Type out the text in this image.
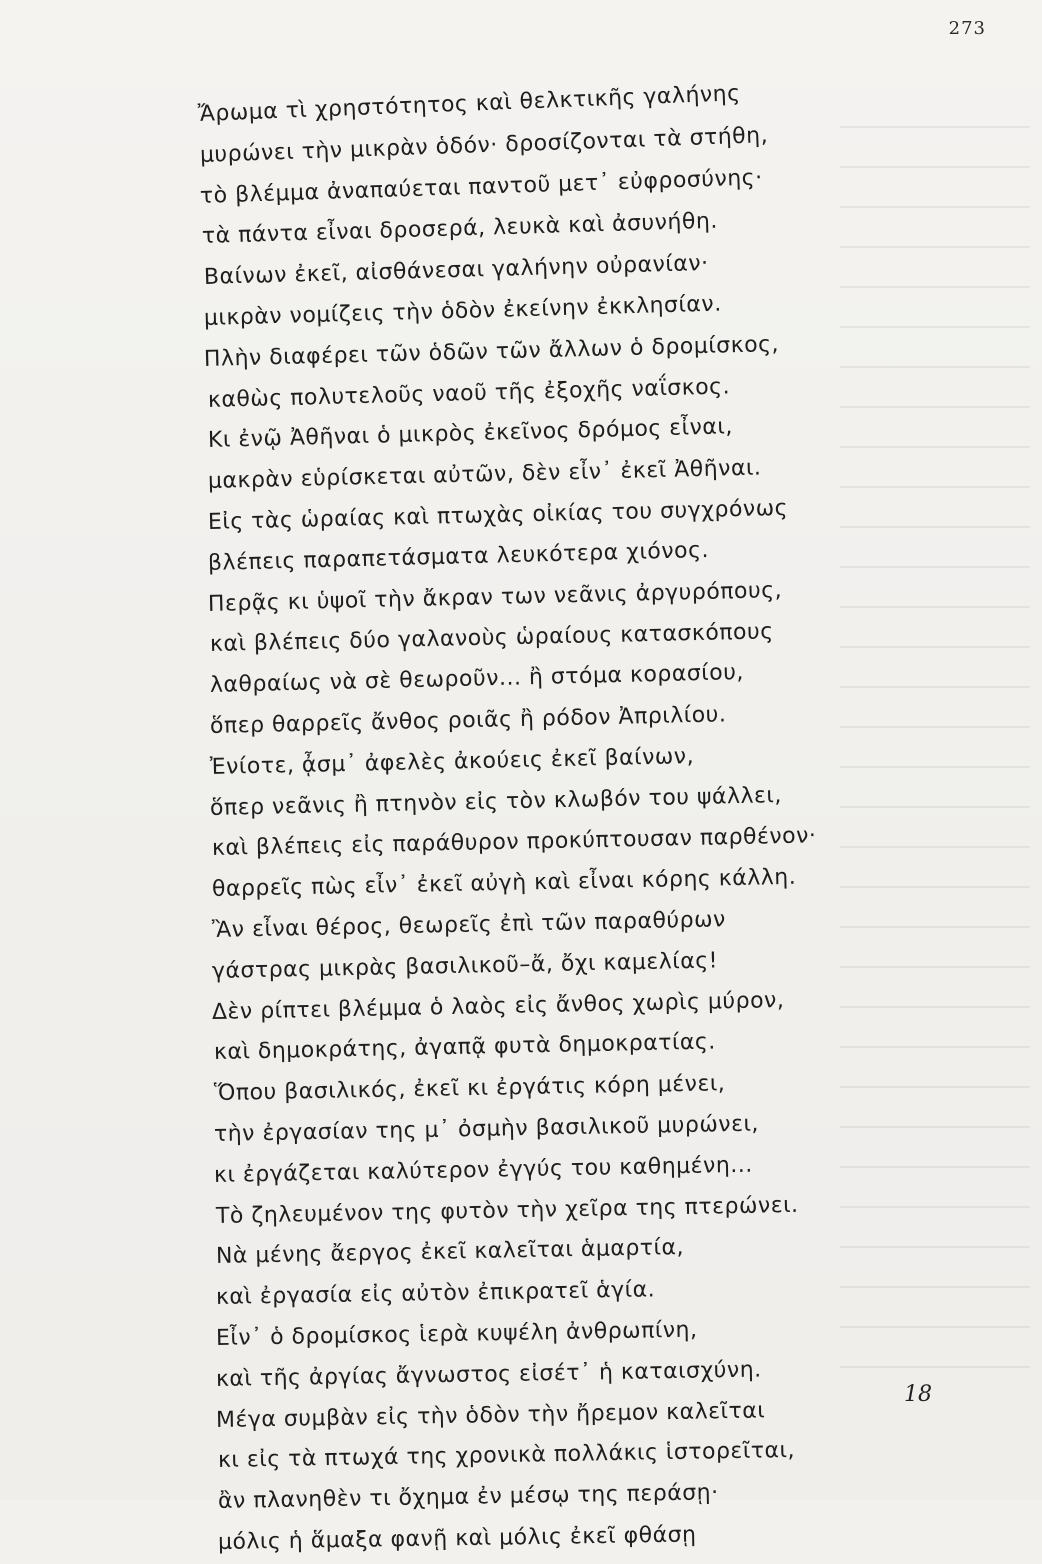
273
Ἄρωμα τὶ χρηστότητος καὶ θελκτικῆς γαλήνης
μυρώνει τὴν μικρὰν ὁδόν· δροσίζονται τὰ στήθη,
τὸ βλέμμα ἀναπαύεται παντοῦ μετ᾽ εὐφροσύνης·
τὰ πάντα εἶναι δροσερά, λευκὰ καὶ ἀσυνήθη.
Βαίνων ἐκεῖ, αἰσθάνεσαι γαλήνην οὐρανίαν·
μικρὰν νομίζεις τὴν ὁδὸν ἐκείνην ἐκκλησίαν.
Πλὴν διαφέρει τῶν ὁδῶν τῶν ἄλλων ὁ δρομίσκος,
καθὼς πολυτελοῦς ναοῦ τῆς ἐξοχῆς ναΐσκος.
Κι ἐνῷ Ἀθῆναι ὁ μικρὸς ἐκεῖνος δρόμος εἶναι,
μακρὰν εὑρίσκεται αὐτῶν, δὲν εἶν᾽ ἐκεῖ Ἀθῆναι.
Εἰς τὰς ὡραίας καὶ πτωχὰς οἰκίας του συγχρόνως
βλέπεις παραπετάσματα λευκότερα χιόνος.
Περᾷς κι ὑψοῖ τὴν ἄκραν των νεᾶνις ἀργυρόπους,
καὶ βλέπεις δύο γαλανοὺς ὡραίους κατασκόπους
λαθραίως νὰ σὲ θεωροῦν... ἢ στόμα κορασίου,
ὅπερ θαρρεῖς ἄνθος ροιᾶς ἢ ρόδον Ἀπριλίου.
Ἐνίοτε, ᾆσμ᾽ ἀφελὲς ἀκούεις ἐκεῖ βαίνων,
ὅπερ νεᾶνις ἢ πτηνὸν εἰς τὸν κλωβόν του ψάλλει,
καὶ βλέπεις εἰς παράθυρον προκύπτουσαν παρθένον·
θαρρεῖς πὼς εἶν᾽ ἐκεῖ αὐγὴ καὶ εἶναι κόρης κάλλη.
Ἂν εἶναι θέρος, θεωρεῖς ἐπὶ τῶν παραθύρων
γάστρας μικρὰς βασιλικοῦ–ἄ, ὄχι καμελίας!
Δὲν ρίπτει βλέμμα ὁ λαὸς εἰς ἄνθος χωρὶς μύρον,
καὶ δημοκράτης, ἀγαπᾷ φυτὰ δημοκρατίας.
Ὅπου βασιλικός, ἐκεῖ κι ἐργάτις κόρη μένει,
τὴν ἐργασίαν της μ᾽ ὀσμὴν βασιλικοῦ μυρώνει,
κι ἐργάζεται καλύτερον ἐγγύς του καθημένη...
Τὸ ζηλευμένον της φυτὸν τὴν χεῖρα της πτερώνει.
Νὰ μένης ἄεργος ἐκεῖ καλεῖται ἁμαρτία,
καὶ ἐργασία εἰς αὐτὸν ἐπικρατεῖ ἁγία.
Εἶν᾽ ὁ δρομίσκος ἱερὰ κυψέλη ἀνθρωπίνη,
καὶ τῆς ἀργίας ἄγνωστος εἰσέτ᾽ ἡ καταισχύνη.
Μέγα συμβὰν εἰς τὴν ὁδὸν τὴν ἤρεμον καλεῖται
κι εἰς τὰ πτωχά της χρονικὰ πολλάκις ἱστορεῖται,
ἂν πλανηθὲν τι ὄχημα ἐν μέσῳ της περάσῃ·
μόλις ἡ ἅμαξα φανῇ καὶ μόλις ἐκεῖ φθάσῃ
18
